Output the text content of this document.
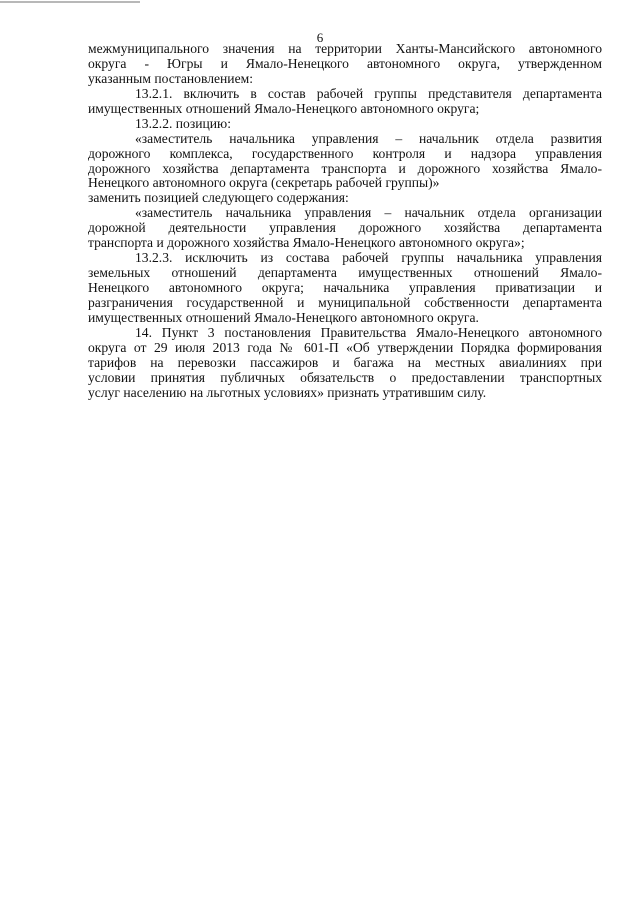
6
межмуниципального значения на территории Ханты-Мансийского автономного
округа - Югры и Ямало-Ненецкого автономного округа, утвержденном
указанным постановлением:
13.2.1. включить в состав рабочей группы представителя департамента
имущественных отношений Ямало-Ненецкого автономного округа;
13.2.2. позицию:
«заместитель начальника управления – начальник отдела развития
дорожного комплекса, государственного контроля и надзора управления
дорожного хозяйства департамента транспорта и дорожного хозяйства Ямало-
Ненецкого автономного округа (секретарь рабочей группы)»
заменить позицией следующего содержания:
«заместитель начальника управления – начальник отдела организации
дорожной деятельности управления дорожного хозяйства департамента
транспорта и дорожного хозяйства Ямало-Ненецкого автономного округа»;
13.2.3. исключить из состава рабочей группы начальника управления
земельных отношений департамента имущественных отношений Ямало-
Ненецкого автономного округа; начальника управления приватизации и
разграничения государственной и муниципальной собственности департамента
имущественных отношений Ямало-Ненецкого автономного округа.
14. Пункт 3 постановления Правительства Ямало-Ненецкого автономного
округа от 29 июля 2013 года № 601-П «Об утверждении Порядка формирования
тарифов на перевозки пассажиров и багажа на местных авиалиниях при
условии принятия публичных обязательств о предоставлении транспортных
услуг населению на льготных условиях» признать утратившим силу.
